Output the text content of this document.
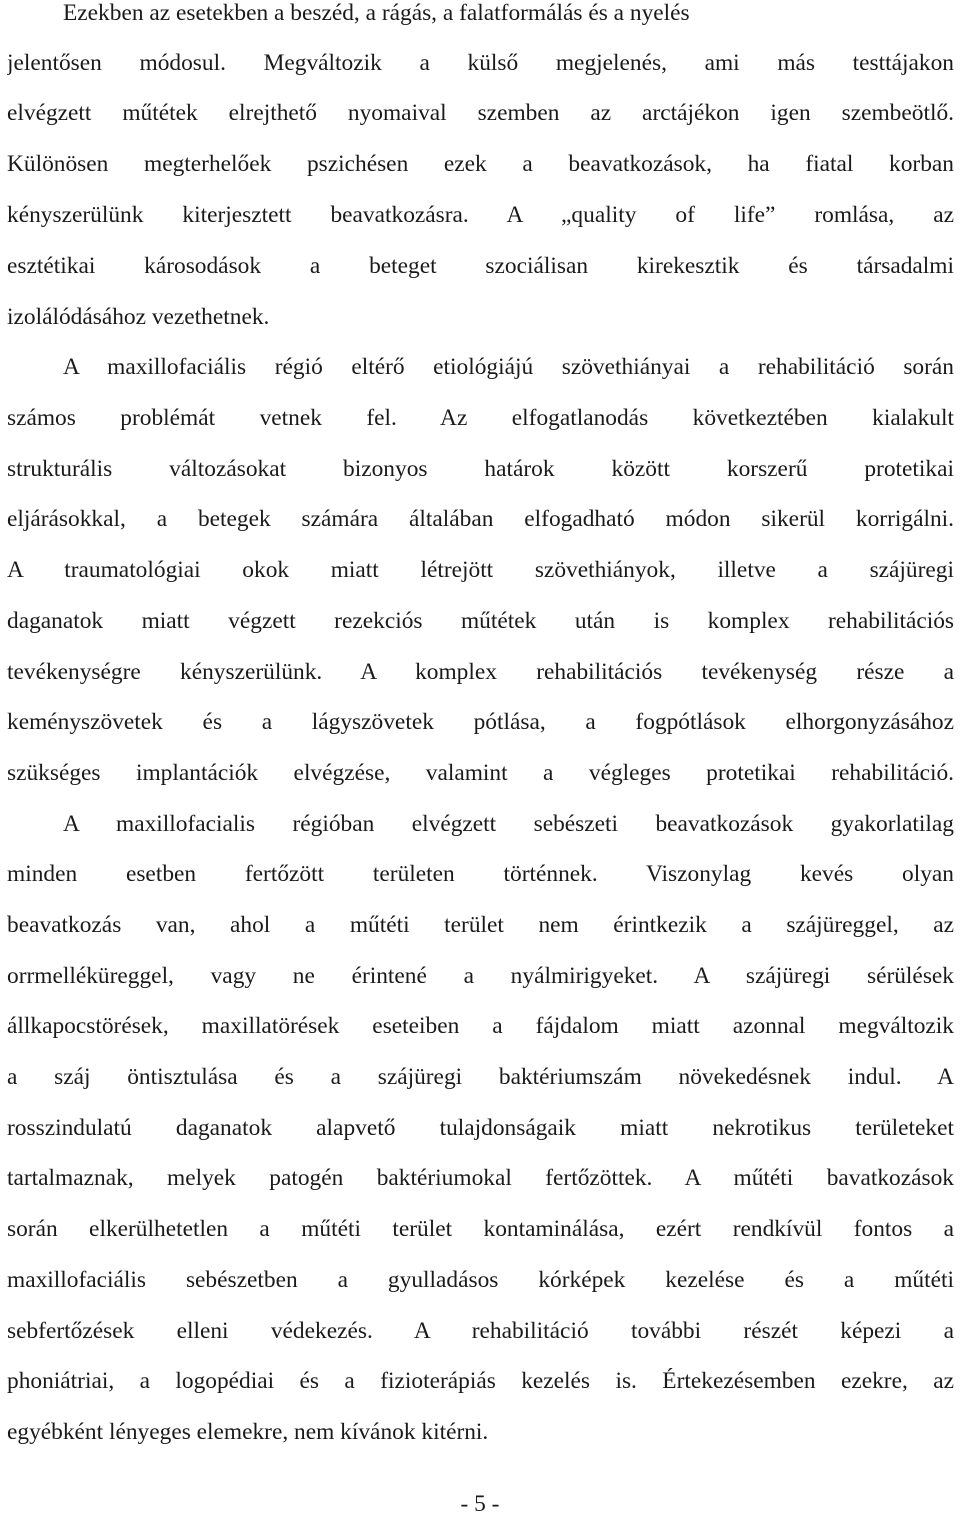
Ezekben az esetekben a beszéd, a rágás, a falatformálás és a nyelés
jelentősen módosul. Megváltozik a külső megjelenés, ami más testtájakon
elvégzett műtétek elrejthető nyomaival szemben az arctájékon igen szembeötlő.
Különösen megterhelőek pszichésen ezek a beavatkozások, ha fiatal korban
kényszerülünk kiterjesztett beavatkozásra. A „quality of life” romlása, az
esztétikai károsodások a beteget szociálisan kirekesztik és társadalmi
izolálódásához vezethetnek.
A maxillofaciális régió eltérő etiológiájú szövethiányai a rehabilitáció során
számos problémát vetnek fel. Az elfogatlanodás következtében kialakult
strukturális változásokat bizonyos határok között korszerű protetikai
eljárásokkal, a betegek számára általában elfogadható módon sikerül korrigálni.
A traumatológiai okok miatt létrejött szövethiányok, illetve a szájüregi
daganatok miatt végzett rezekciós műtétek után is komplex rehabilitációs
tevékenységre kényszerülünk. A komplex rehabilitációs tevékenység része a
keményszövetek és a lágyszövetek pótlása, a fogpótlások elhorgonyzásához
szükséges implantációk elvégzése, valamint a végleges protetikai rehabilitáció.
A maxillofacialis régióban elvégzett sebészeti beavatkozások gyakorlatilag
minden esetben fertőzött területen történnek. Viszonylag kevés olyan
beavatkozás van, ahol a műtéti terület nem érintkezik a szájüreggel, az
orrmelléküreggel, vagy ne érintené a nyálmirigyeket. A szájüregi sérülések
állkapocstörések, maxillatörések eseteiben a fájdalom miatt azonnal megváltozik
a száj öntisztulása és a szájüregi baktériumszám növekedésnek indul. A
rosszindulatú daganatok alapvető tulajdonságaik miatt nekrotikus területeket
tartalmaznak, melyek patogén baktériumokal fertőzöttek. A műtéti bavatkozások
során elkerülhetetlen a műtéti terület kontaminálása, ezért rendkívül fontos a
maxillofaciális sebészetben a gyulladásos kórképek kezelése és a műtéti
sebfertőzések elleni védekezés. A rehabilitáció további részét képezi a
phoniátriai, a logopédiai és a fizioterápiás kezelés is. Értekezésemben ezekre, az
egyébként lényeges elemekre, nem kívánok kitérni.
- 5 -
